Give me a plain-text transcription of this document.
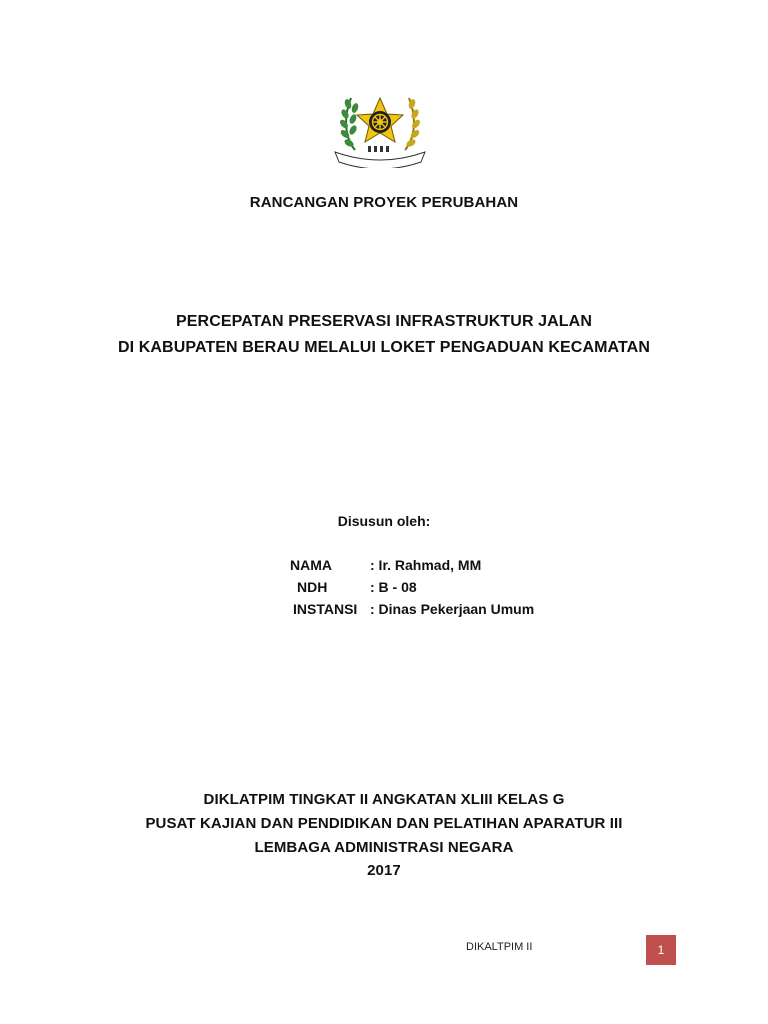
RANCANGAN PROYEK PERUBAHAN
PERCEPATAN PRESERVASI INFRASTRUKTUR JALAN
DI KABUPATEN BERAU MELALUI LOKET PENGADUAN KECAMATAN
Disusun oleh:
NAMA	: Ir. Rahmad, MM
NDH	: B - 08
INSTANSI : Dinas Pekerjaan Umum
DIKLATPIM TINGKAT II ANGKATAN XLIII KELAS G
PUSAT KAJIAN DAN PENDIDIKAN DAN PELATIHAN APARATUR III
LEMBAGA ADMINISTRASI NEGARA
2017
DIKALTPIM II	1
